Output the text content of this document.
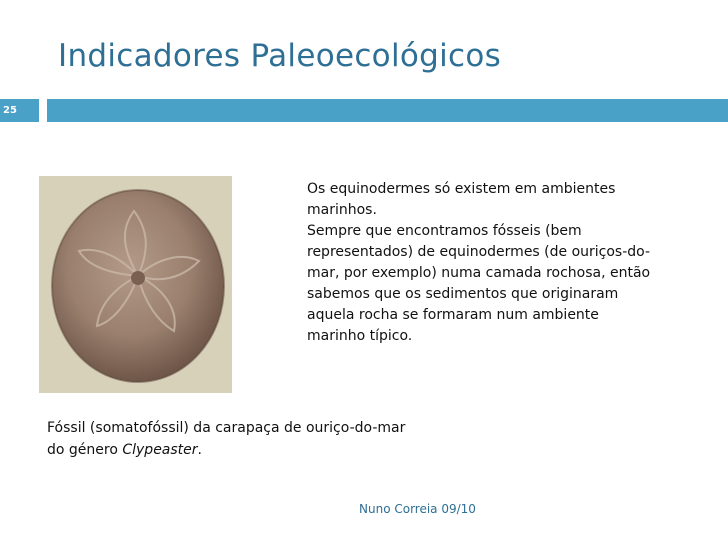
Indicadores Paleoecológicos
25

Os equinodermes só existem em ambientes marinhos.

Sempre que encontramos fósseis (bem representados) de equinodermes (de ouriços-do-mar, por exemplo) numa camada rochosa, então sabemos que os sedimentos que originaram aquela rocha se formaram num ambiente marinho típico.

Fóssil (somatofóssil) da carapaça de ouriço-do-mar do género Clypeaster.
Nuno Correia 09/10
